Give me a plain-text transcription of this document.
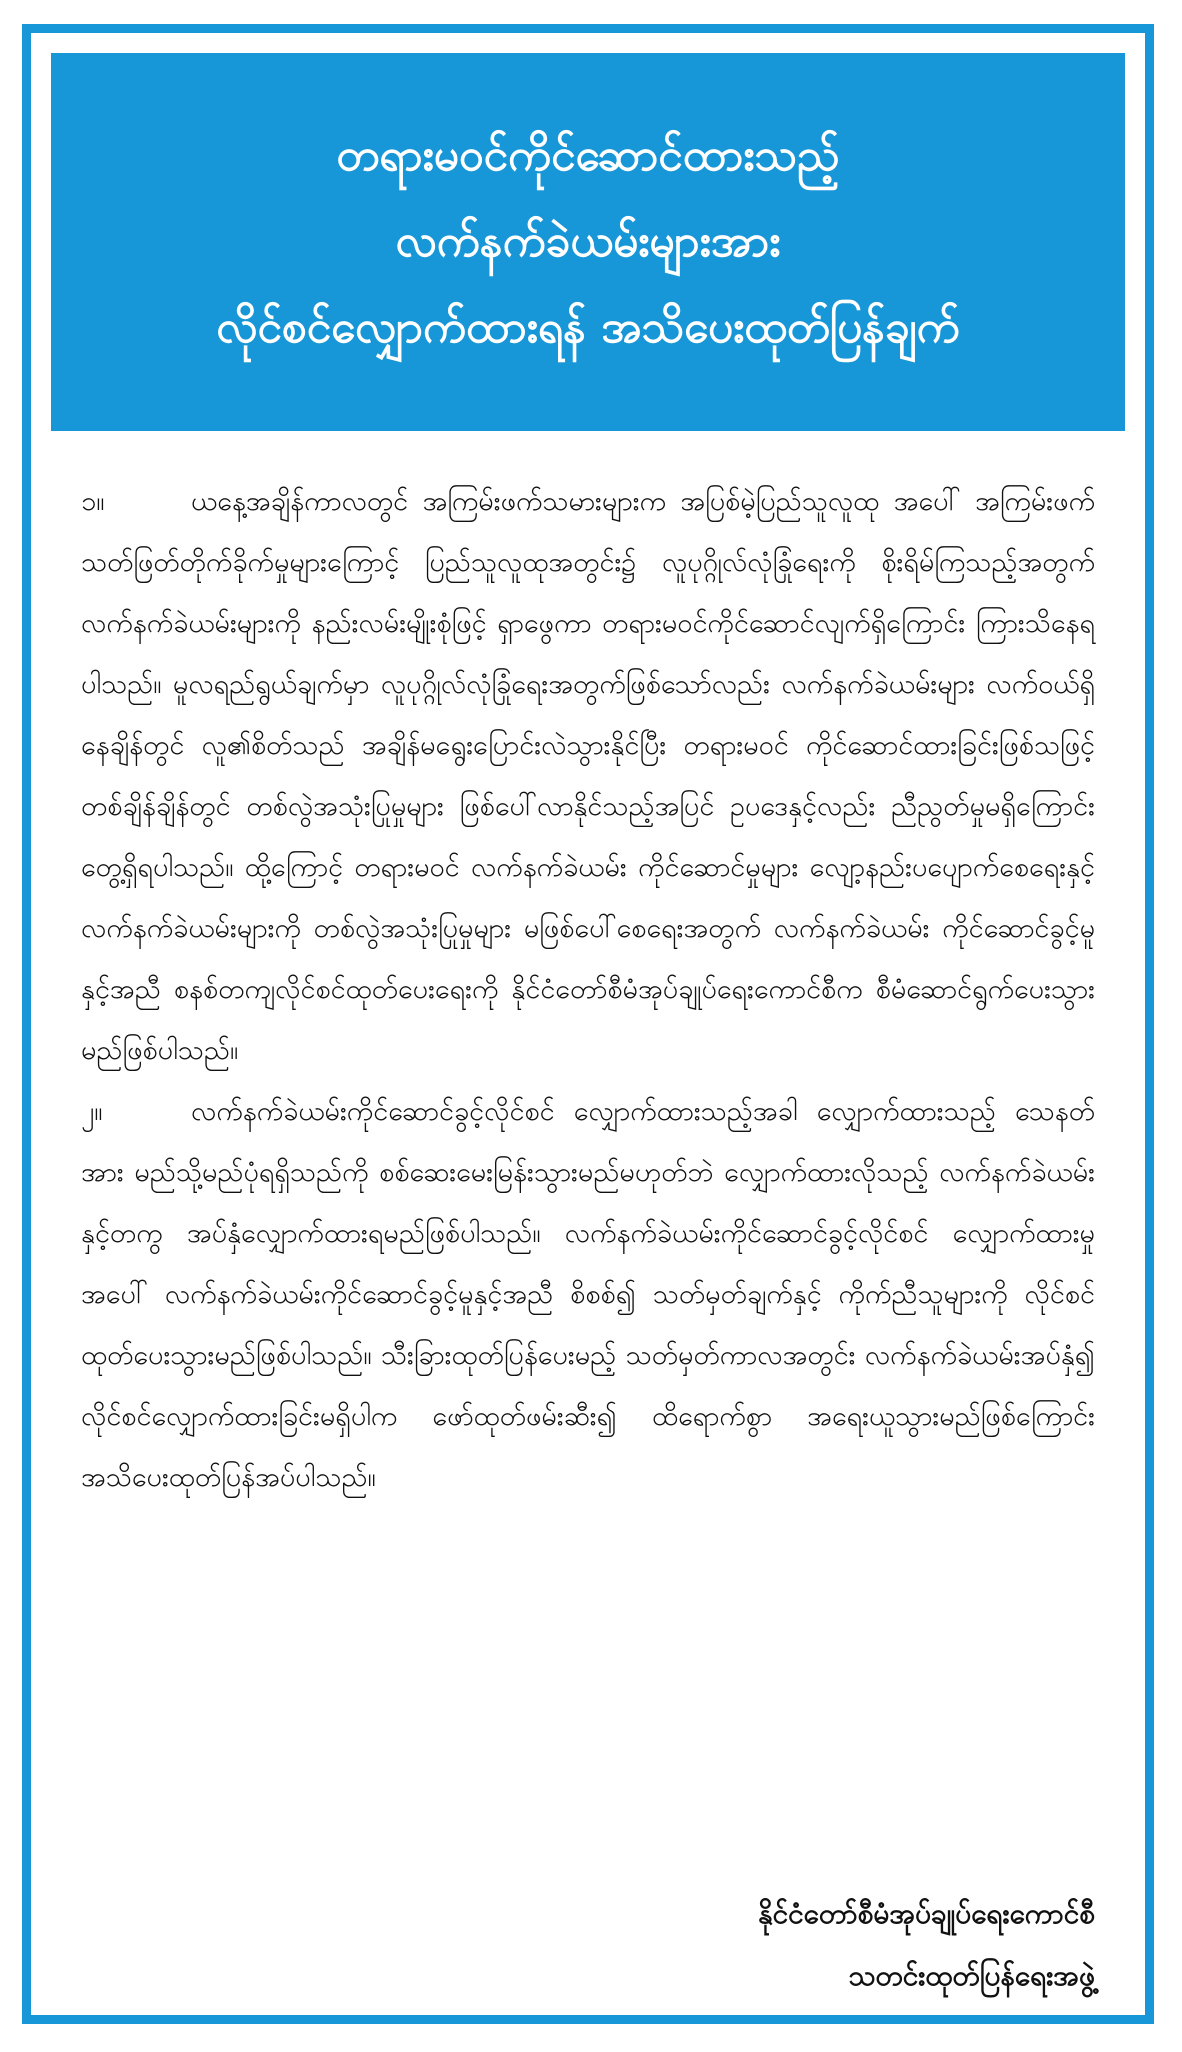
တရားမဝင်ကိုင်ဆောင်ထားသည့်
လက်နက်ခဲယမ်းများအား
လိုင်စင်လျှောက်ထားရန် အသိပေးထုတ်ပြန်ချက်

၁။	ယနေ့အချိန်ကာလတွင် အကြမ်းဖက်သမားများက အပြစ်မဲ့ပြည်သူလူထု အပေါ် အကြမ်းဖက်သတ်ဖြတ်တိုက်ခိုက်မှုများကြောင့် ပြည်သူလူထုအတွင်း၌ လူပုဂ္ဂိုလ်လုံခြုံရေးကို စိုးရိမ်ကြသည့်အတွက် လက်နက်ခဲယမ်းများကို နည်းလမ်းမျိုးစုံဖြင့် ရှာဖွေကာ တရားမဝင်ကိုင်ဆောင်လျက်ရှိကြောင်း ကြားသိနေရပါသည်။ မူလရည်ရွယ်ချက်မှာ လူပုဂ္ဂိုလ်လုံခြုံရေးအတွက်ဖြစ်သော်လည်း လက်နက်ခဲယမ်းများ လက်ဝယ်ရှိနေချိန်တွင် လူ၏စိတ်သည် အချိန်မရွေးပြောင်းလဲသွားနိုင်ပြီး တရားမဝင် ကိုင်ဆောင်ထားခြင်းဖြစ်သဖြင့် တစ်ချိန်ချိန်တွင် တစ်လွဲအသုံးပြုမှုများ ဖြစ်ပေါ်လာနိုင်သည့်အပြင် ဥပဒေနှင့်လည်း ညီညွတ်မှုမရှိကြောင်း တွေ့ရှိရပါသည်။ ထို့ကြောင့် တရားမဝင် လက်နက်ခဲယမ်း ကိုင်ဆောင်မှုများ လျော့နည်းပပျောက်စေရေးနှင့် လက်နက်ခဲယမ်းများကို တစ်လွဲအသုံးပြုမှုများ မဖြစ်ပေါ်စေရေးအတွက် လက်နက်ခဲယမ်း ကိုင်ဆောင်ခွင့်မူနှင့်အညီ စနစ်တကျလိုင်စင်ထုတ်ပေးရေးကို နိုင်ငံတော်စီမံအုပ်ချုပ်ရေးကောင်စီက စီမံဆောင်ရွက်ပေးသွားမည်ဖြစ်ပါသည်။

၂။	လက်နက်ခဲယမ်းကိုင်ဆောင်ခွင့်လိုင်စင် လျှောက်ထားသည့်အခါ လျှောက်ထားသည့် သေနတ်အား မည်သို့မည်ပုံရရှိသည်ကို စစ်ဆေးမေးမြန်းသွားမည်မဟုတ်ဘဲ လျှောက်ထားလိုသည့် လက်နက်ခဲယမ်းနှင့်တကွ အပ်နှံလျှောက်ထားရမည်ဖြစ်ပါသည်။ လက်နက်ခဲယမ်းကိုင်ဆောင်ခွင့်လိုင်စင် လျှောက်ထားမှုအပေါ် လက်နက်ခဲယမ်းကိုင်ဆောင်ခွင့်မူနှင့်အညီ စိစစ်၍ သတ်မှတ်ချက်နှင့် ကိုက်ညီသူများကို လိုင်စင်ထုတ်ပေးသွားမည်ဖြစ်ပါသည်။ သီးခြားထုတ်ပြန်ပေးမည့် သတ်မှတ်ကာလအတွင်း လက်နက်ခဲယမ်းအပ်နှံ၍ လိုင်စင်လျှောက်ထားခြင်းမရှိပါက ဖော်ထုတ်ဖမ်းဆီး၍ ထိရောက်စွာ အရေးယူသွားမည်ဖြစ်ကြောင်း အသိပေးထုတ်ပြန်အပ်ပါသည်။

နိုင်ငံတော်စီမံအုပ်ချုပ်ရေးကောင်စီ
သတင်းထုတ်ပြန်ရေးအဖွဲ့
